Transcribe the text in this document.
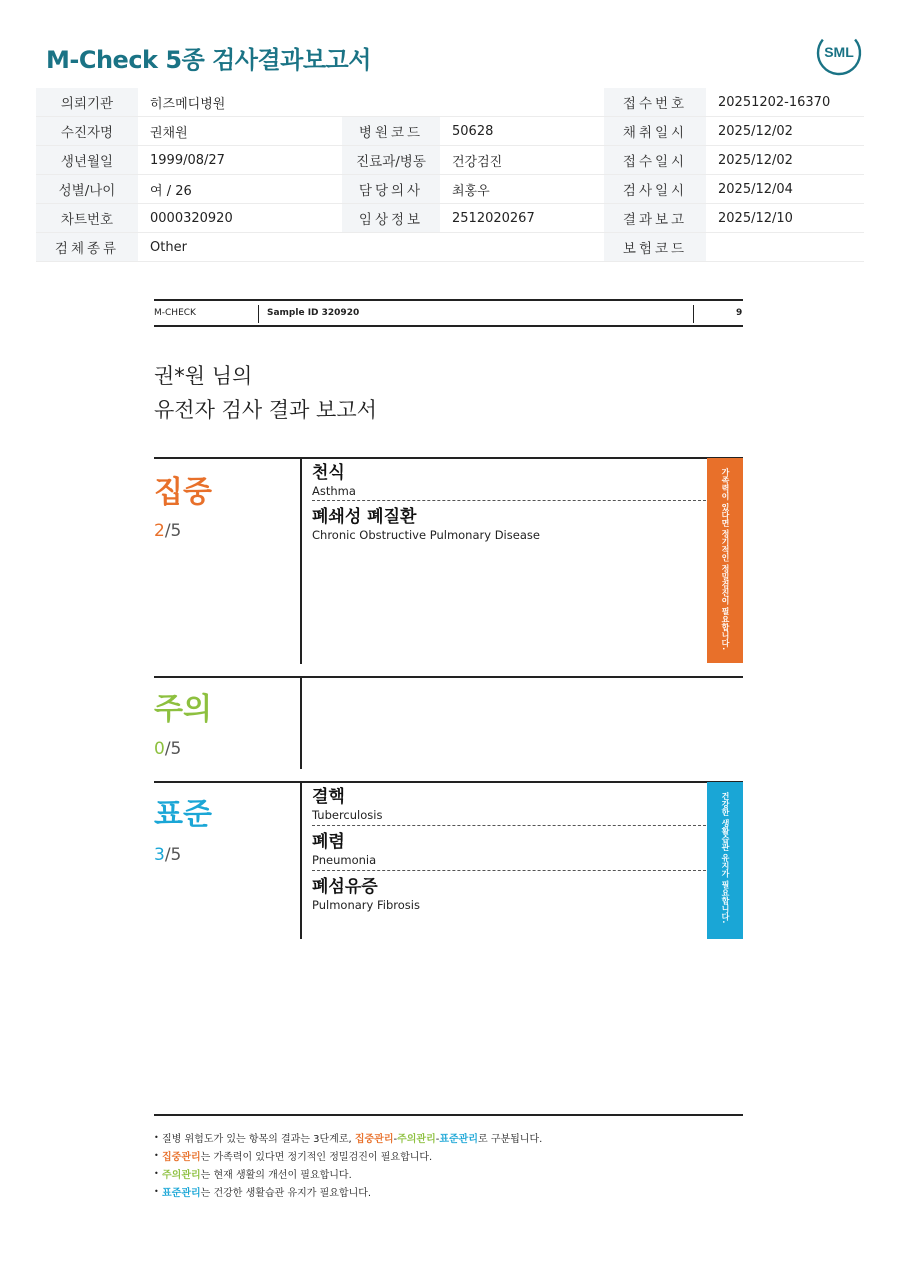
M-Check 5종 검사결과보고서	SML
의뢰기관	히즈메디병원			접수번호	20251202-16370
수진자명	권채원	병원코드	50628	채취일시	2025/12/02
생년월일	1999/08/27	진료과/병동	건강검진	접수일시	2025/12/02
성별/나이	여 / 26	담당의사	최홍우	검사일시	2025/12/04
차트번호	0000320920	임상정보	2512020267	결과보고	2025/12/10
검체종류	Other			보험코드	
M-CHECK	Sample ID 320920	9
권*원 님의
유전자 검사 결과 보고서
집중
2/5
천식
Asthma
폐쇄성 폐질환
Chronic Obstructive Pulmonary Disease	가족력이 있다면 정기적인 정밀검진이 필요합니다.
주의
0/5
표준
3/5
결핵
Tuberculosis
폐렴
Pneumonia
폐섬유증
Pulmonary Fibrosis	건강한 생활습관 유지가 필요합니다.
• 질병 위험도가 있는 항목의 결과는 3단계로, 집중관리-주의관리-표준관리로 구분됩니다.
• 집중관리는 가족력이 있다면 정기적인 정밀검진이 필요합니다.
• 주의관리는 현재 생활의 개선이 필요합니다.
• 표준관리는 건강한 생활습관 유지가 필요합니다.
